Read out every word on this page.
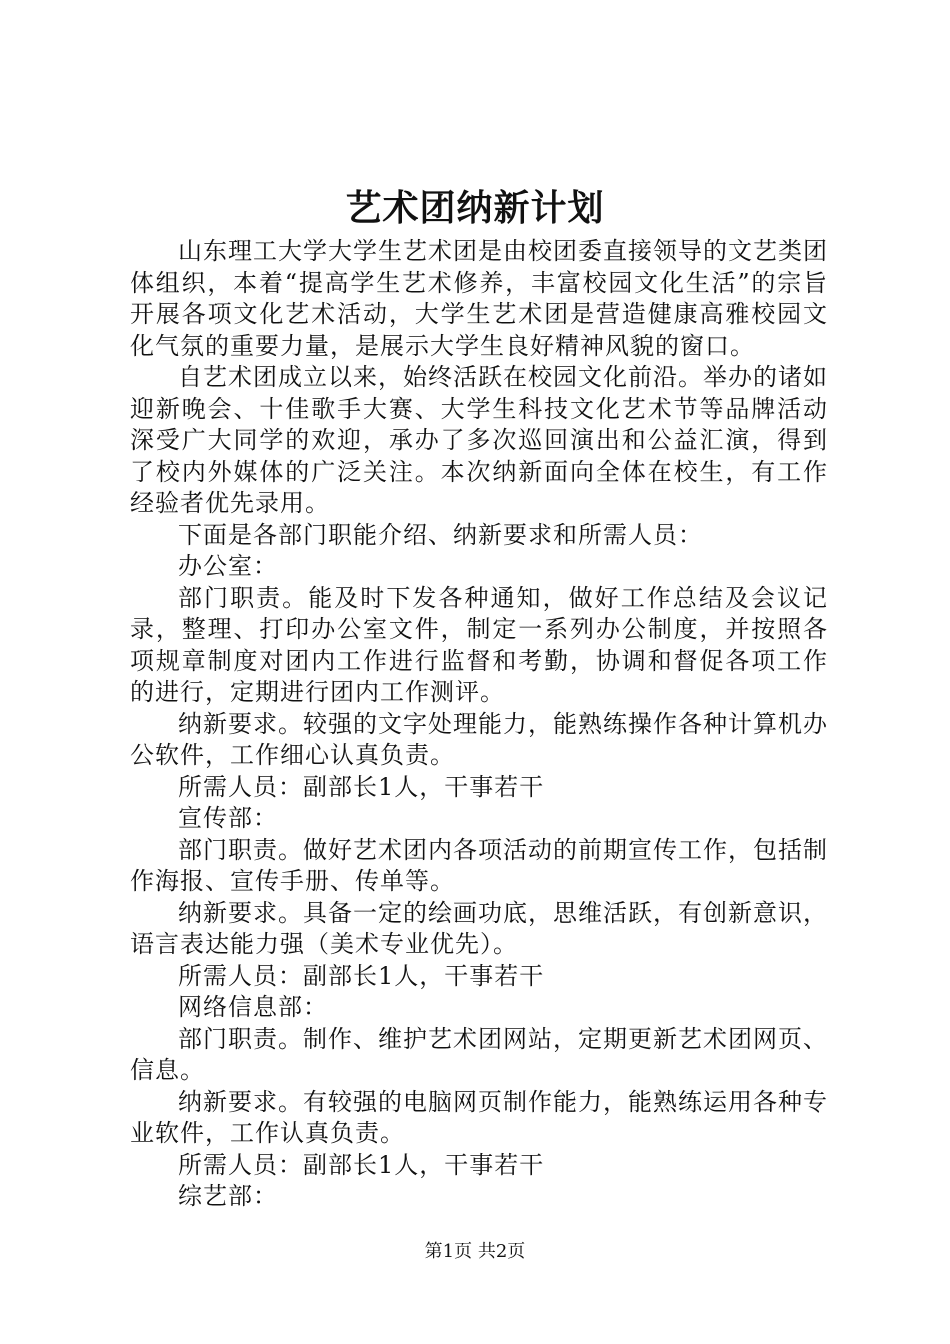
艺术团纳新计划

山东理工大学大学生艺术团是由校团委直接领导的文艺类团体组织，本着“提高学生艺术修养，丰富校园文化生活”的宗旨开展各项文化艺术活动，大学生艺术团是营造健康高雅校园文化气氛的重要力量，是展示大学生良好精神风貌的窗口。

自艺术团成立以来，始终活跃在校园文化前沿。举办的诸如迎新晚会、十佳歌手大赛、大学生科技文化艺术节等品牌活动深受广大同学的欢迎，承办了多次巡回演出和公益汇演，得到了校内外媒体的广泛关注。本次纳新面向全体在校生，有工作经验者优先录用。

下面是各部门职能介绍、纳新要求和所需人员：

办公室：

部门职责。能及时下发各种通知，做好工作总结及会议记录，整理、打印办公室文件，制定一系列办公制度，并按照各项规章制度对团内工作进行监督和考勤，协调和督促各项工作的进行，定期进行团内工作测评。

纳新要求。较强的文字处理能力，能熟练操作各种计算机办公软件，工作细心认真负责。

所需人员：副部长1人，干事若干

宣传部：

部门职责。做好艺术团内各项活动的前期宣传工作，包括制作海报、宣传手册、传单等。

纳新要求。具备一定的绘画功底，思维活跃，有创新意识，语言表达能力强（美术专业优先）。

所需人员：副部长1人，干事若干

网络信息部：

部门职责。制作、维护艺术团网站，定期更新艺术团网页、信息。

纳新要求。有较强的电脑网页制作能力，能熟练运用各种专业软件，工作认真负责。

所需人员：副部长1人，干事若干

综艺部：

第1页 共2页
